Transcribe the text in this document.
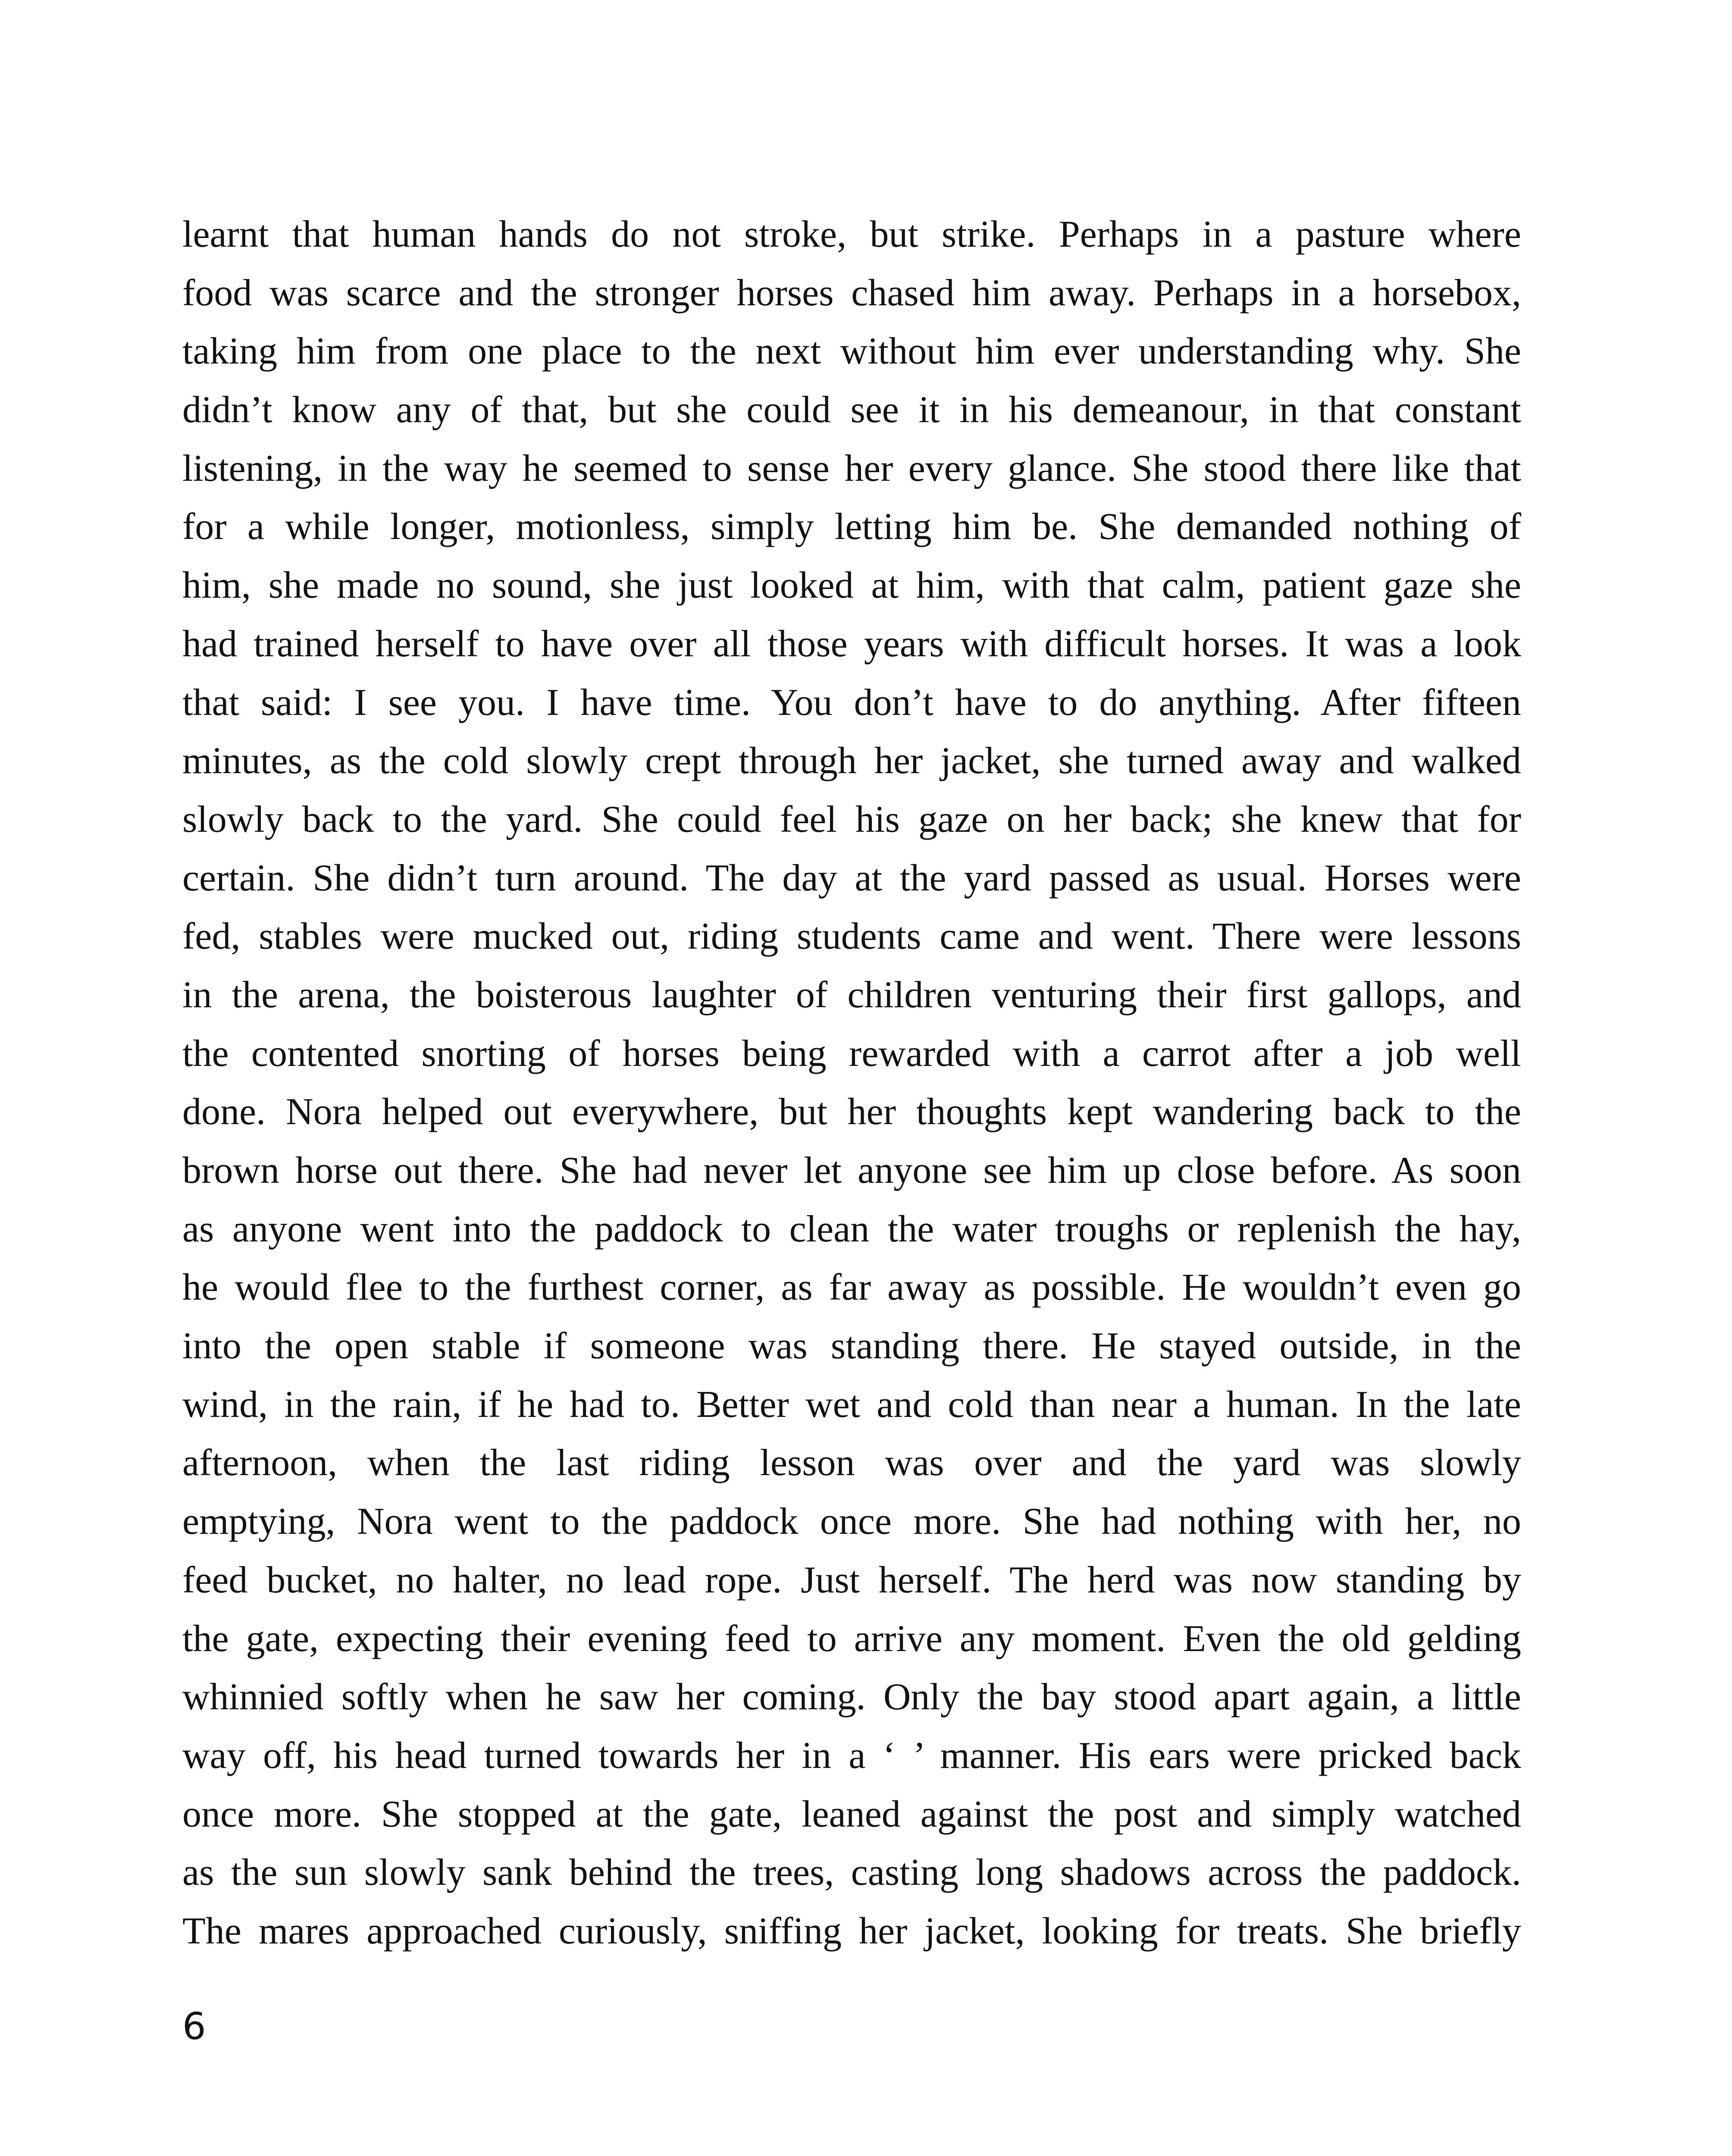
learnt that human hands do not stroke, but strike. Perhaps in a pasture where
food was scarce and the stronger horses chased him away. Perhaps in a horsebox,
taking him from one place to the next without him ever understanding why. She
didn’t know any of that, but she could see it in his demeanour, in that constant
listening, in the way he seemed to sense her every glance. She stood there like that
for a while longer, motionless, simply letting him be. She demanded nothing of
him, she made no sound, she just looked at him, with that calm, patient gaze she
had trained herself to have over all those years with difficult horses. It was a look
that said: I see you. I have time. You don’t have to do anything. After fifteen
minutes, as the cold slowly crept through her jacket, she turned away and walked
slowly back to the yard. She could feel his gaze on her back; she knew that for
certain. She didn’t turn around. The day at the yard passed as usual. Horses were
fed, stables were mucked out, riding students came and went. There were lessons
in the arena, the boisterous laughter of children venturing their first gallops, and
the contented snorting of horses being rewarded with a carrot after a job well
done. Nora helped out everywhere, but her thoughts kept wandering back to the
brown horse out there. She had never let anyone see him up close before. As soon
as anyone went into the paddock to clean the water troughs or replenish the hay,
he would flee to the furthest corner, as far away as possible. He wouldn’t even go
into the open stable if someone was standing there. He stayed outside, in the
wind, in the rain, if he had to. Better wet and cold than near a human. In the late
afternoon, when the last riding lesson was over and the yard was slowly
emptying, Nora went to the paddock once more. She had nothing with her, no
feed bucket, no halter, no lead rope. Just herself. The herd was now standing by
the gate, expecting their evening feed to arrive any moment. Even the old gelding
whinnied softly when he saw her coming. Only the bay stood apart again, a little
way off, his head turned towards her in a ‘ ’ manner. His ears were pricked back
once more. She stopped at the gate, leaned against the post and simply watched
as the sun slowly sank behind the trees, casting long shadows across the paddock.
The mares approached curiously, sniffing her jacket, looking for treats. She briefly
6
